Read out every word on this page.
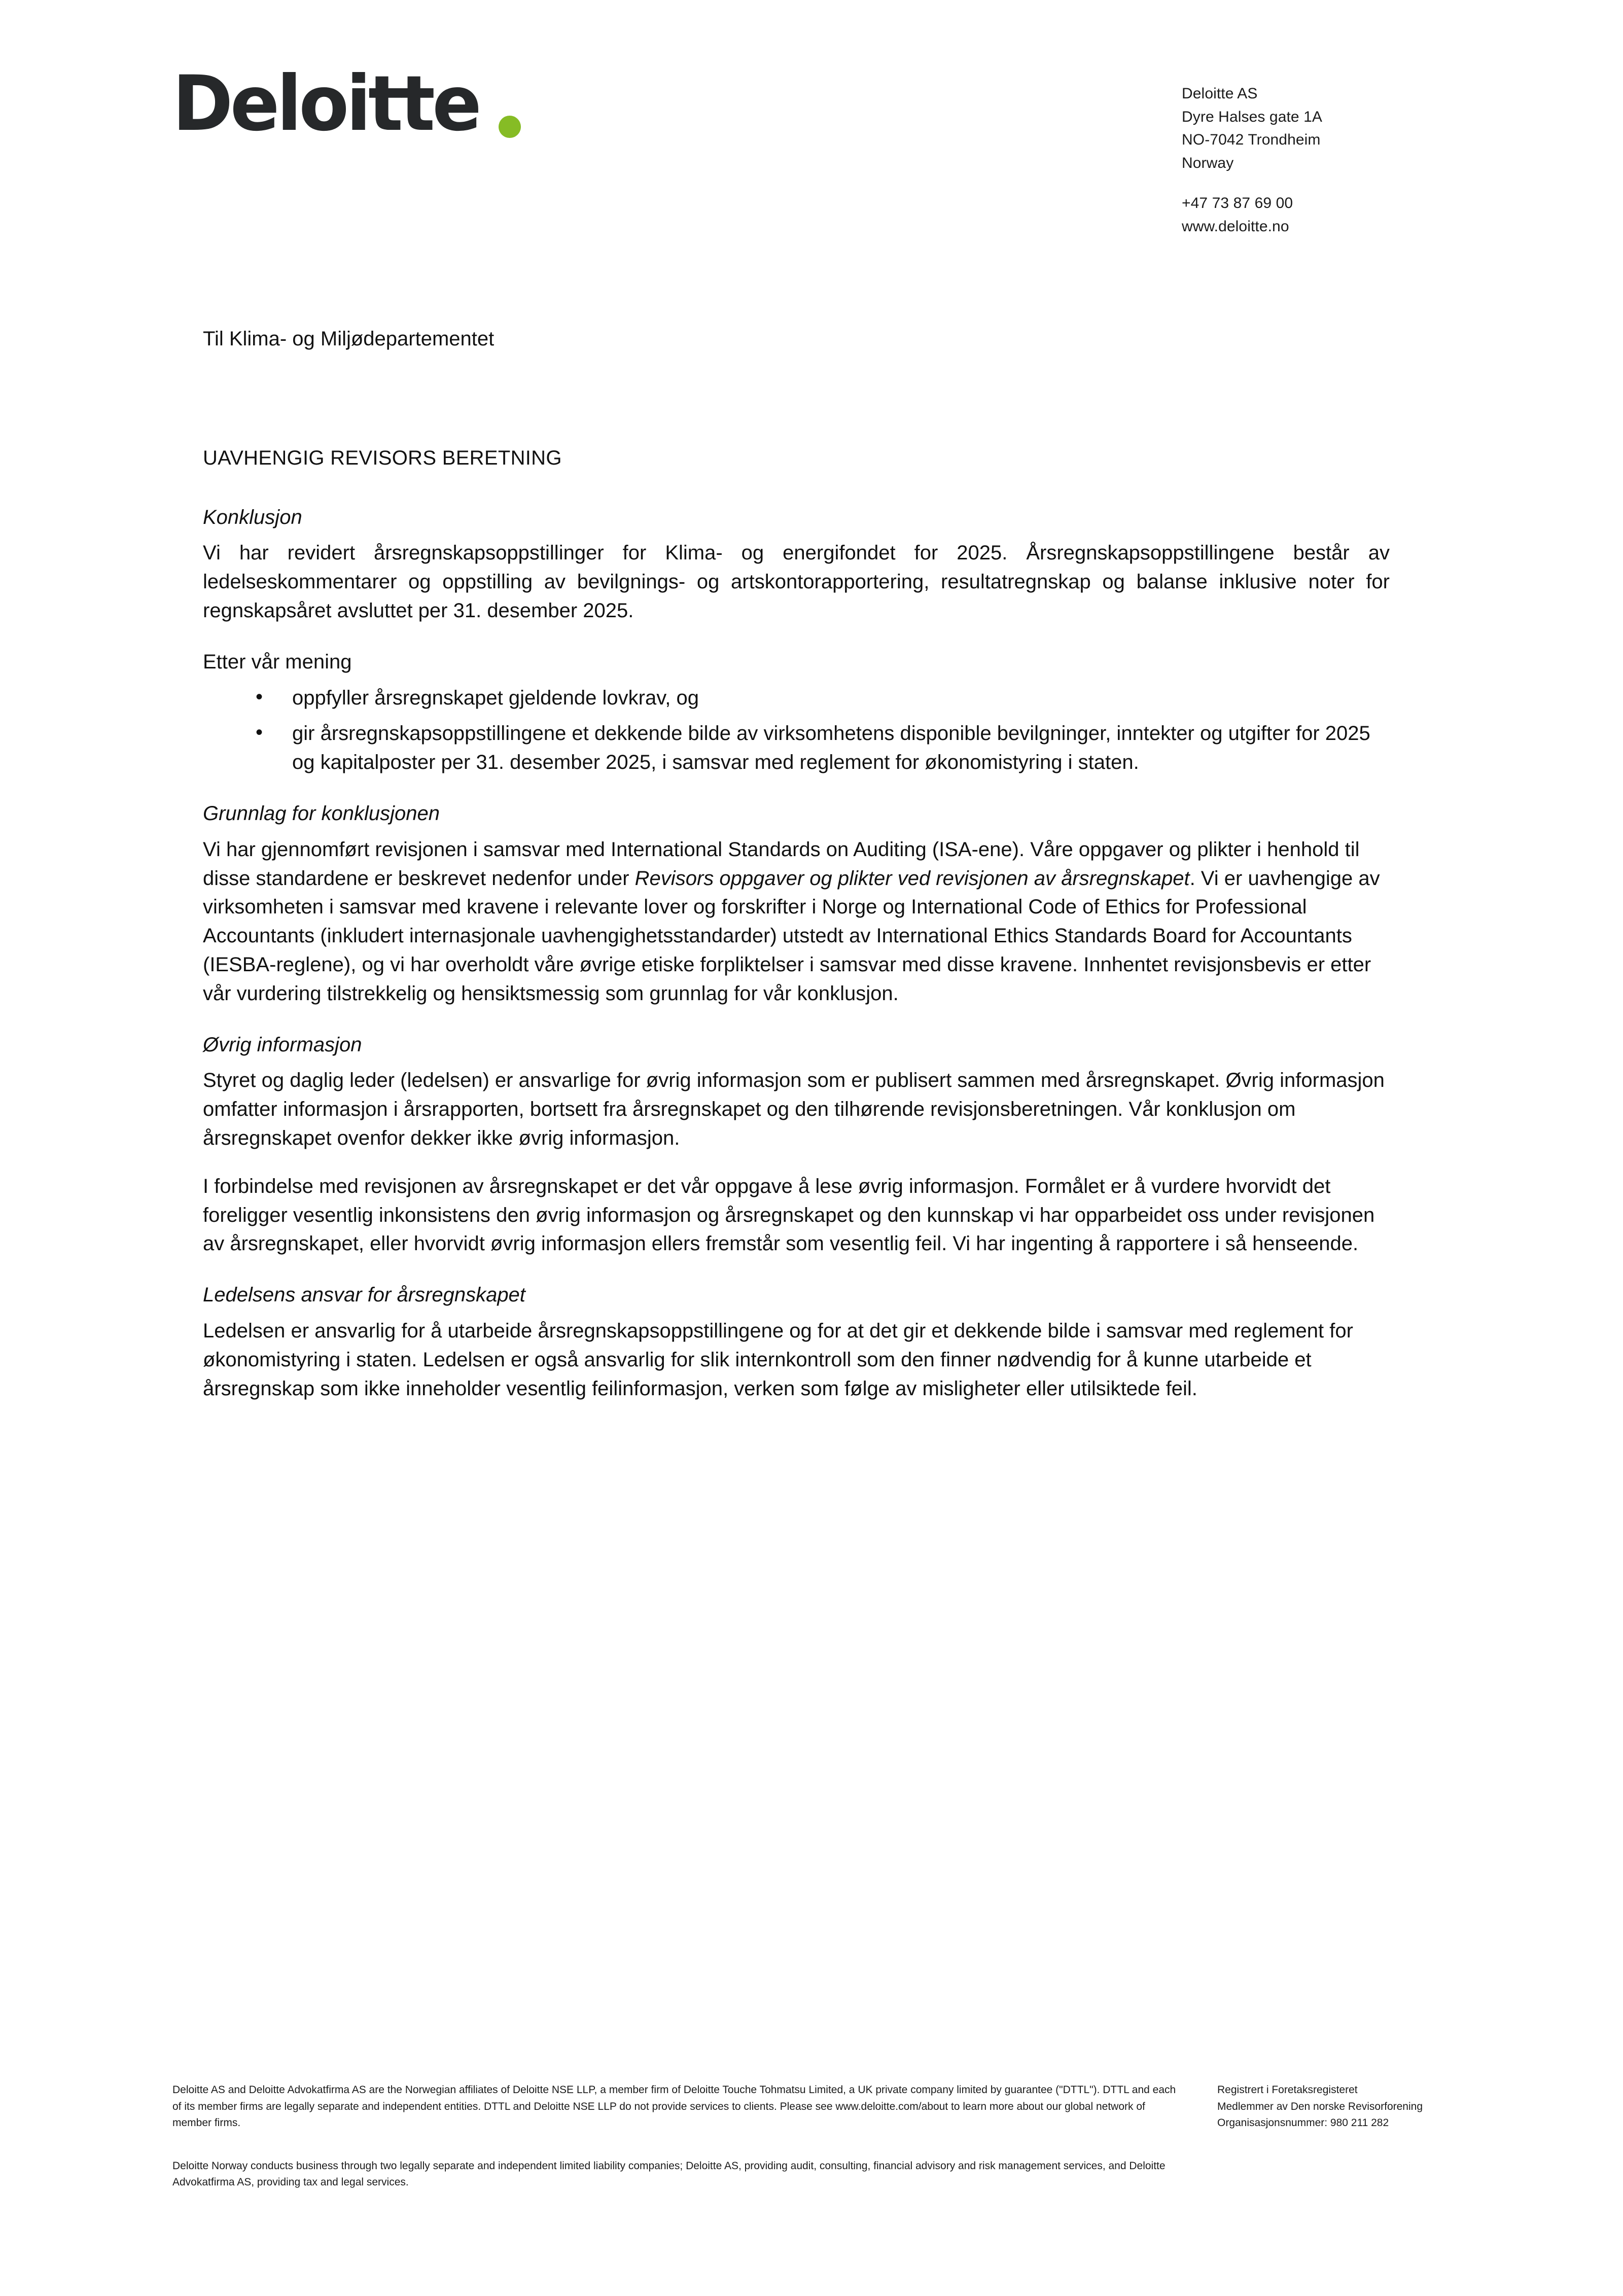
Deloitte	Deloitte AS
Dyre Halses gate 1A
NO-7042 Trondheim
Norway
+47 73 87 69 00
www.deloitte.no
Til Klima- og Miljødepartementet
UAVHENGIG REVISORS BERETNING
Konklusjon

Vi har revidert årsregnskapsoppstillinger for Klima- og energifondet for 2025. Årsregnskapsoppstillingene består av ledelseskommentarer og oppstilling av bevilgnings- og artskontorapportering, resultatregnskap og balanse inklusive noter for regnskapsåret avsluttet per 31. desember 2025.

Etter vår mening

• oppfyller årsregnskapet gjeldende lovkrav, og
• gir årsregnskapsoppstillingene et dekkende bilde av virksomhetens disponible bevilgninger, inntekter og utgifter for 2025 og kapitalposter per 31. desember 2025, i samsvar med reglement for økonomistyring i staten.
Grunnlag for konklusjonen

Vi har gjennomført revisjonen i samsvar med International Standards on Auditing (ISA-ene). Våre oppgaver og plikter i henhold til disse standardene er beskrevet nedenfor under Revisors oppgaver og plikter ved revisjonen av årsregnskapet. Vi er uavhengige av virksomheten i samsvar med kravene i relevante lover og forskrifter i Norge og International Code of Ethics for Professional Accountants (inkludert internasjonale uavhengighetsstandarder) utstedt av International Ethics Standards Board for Accountants (IESBA-reglene), og vi har overholdt våre øvrige etiske forpliktelser i samsvar med disse kravene. Innhentet revisjonsbevis er etter vår vurdering tilstrekkelig og hensiktsmessig som grunnlag for vår konklusjon.

Øvrig informasjon

Styret og daglig leder (ledelsen) er ansvarlige for øvrig informasjon som er publisert sammen med årsregnskapet. Øvrig informasjon omfatter informasjon i årsrapporten, bortsett fra årsregnskapet og den tilhørende revisjonsberetningen. Vår konklusjon om årsregnskapet ovenfor dekker ikke øvrig informasjon.

I forbindelse med revisjonen av årsregnskapet er det vår oppgave å lese øvrig informasjon. Formålet er å vurdere hvorvidt det foreligger vesentlig inkonsistens den øvrig informasjon og årsregnskapet og den kunnskap vi har opparbeidet oss under revisjonen av årsregnskapet, eller hvorvidt øvrig informasjon ellers fremstår som vesentlig feil. Vi har ingenting å rapportere i så henseende.

Ledelsens ansvar for årsregnskapet

Ledelsen er ansvarlig for å utarbeide årsregnskapsoppstillingene og for at det gir et dekkende bilde i samsvar med reglement for økonomistyring i staten. Ledelsen er også ansvarlig for slik internkontroll som den finner nødvendig for å kunne utarbeide et årsregnskap som ikke inneholder vesentlig feilinformasjon, verken som følge av misligheter eller utilsiktede feil.

Deloitte AS and Deloitte Advokatfirma AS are the Norwegian affiliates of Deloitte NSE LLP, a member firm of Deloitte Touche Tohmatsu Limited, a UK private company limited by guarantee ("DTTL"). DTTL and each of its member firms are legally separate and independent entities. DTTL and Deloitte NSE LLP do not provide services to clients. Please see www.deloitte.com/about to learn more about our global network of member firms.
Registrert i Foretaksregisteret
Medlemmer av Den norske Revisorforening
Organisasjonsnummer: 980 211 282
Deloitte Norway conducts business through two legally separate and independent limited liability companies; Deloitte AS, providing audit, consulting, financial advisory and risk management services, and Deloitte Advokatfirma AS, providing tax and legal services.
